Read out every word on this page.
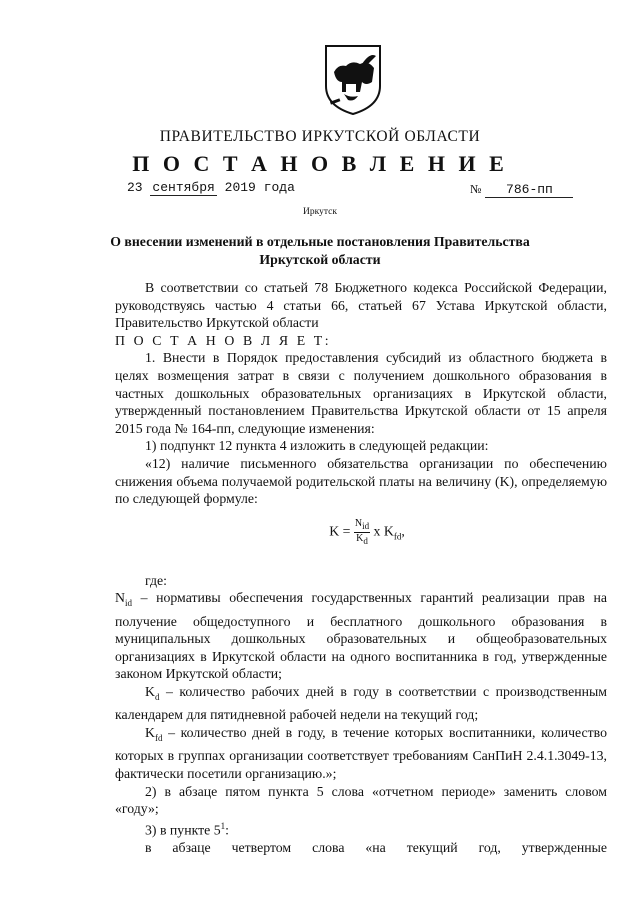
ПРАВИТЕЛЬСТВО ИРКУТСКОЙ ОБЛАСТИ
П О С Т А Н О В Л Е Н И Е
23 сентября 2019 года	№ 786-пп
Иркутск
О внесении изменений в отдельные постановления Правительства
Иркутской области

В соответствии со статьей 78 Бюджетного кодекса Российской Федерации, руководствуясь частью 4 статьи 66, статьей 67 Устава Иркутской области, Правительство Иркутской области

П О С Т А Н О В Л Я Е Т:

1. Внести в Порядок предоставления субсидий из областного бюджета в целях возмещения затрат в связи с получением дошкольного образования в частных дошкольных образовательных организациях в Иркутской области, утвержденный постановлением Правительства Иркутской области от 15 апреля 2015 года № 164-пп, следующие изменения:

1) подпункт 12 пункта 4 изложить в следующей редакции:

«12) наличие письменного обязательства организации по обеспечению снижения объема получаемой родительской платы на величину (K), определяемую по следующей формуле:

$K = \frac{N_{id}}{K_d}$ x $K_{fd}$,

где:

$N_{id}$ – нормативы обеспечения государственных гарантий реализации прав на получение общедоступного и бесплатного дошкольного образования в муниципальных дошкольных образовательных и общеобразовательных организациях в Иркутской области на одного воспитанника в год, утвержденные законом Иркутской области;

$K_d$ – количество рабочих дней в году в соответствии с производственным календарем для пятидневной рабочей недели на текущий год;

$K_{fd}$ – количество дней в году, в течение которых воспитанники, количество которых в группах организации соответствует требованиям СанПиН 2.4.1.3049-13, фактически посетили организацию.»;

2) в абзаце пятом пункта 5 слова «отчетном периоде» заменить словом «году»;

3) в пункте $5^1$:

в абзаце четвертом слова «на текущий год, утвержденные
